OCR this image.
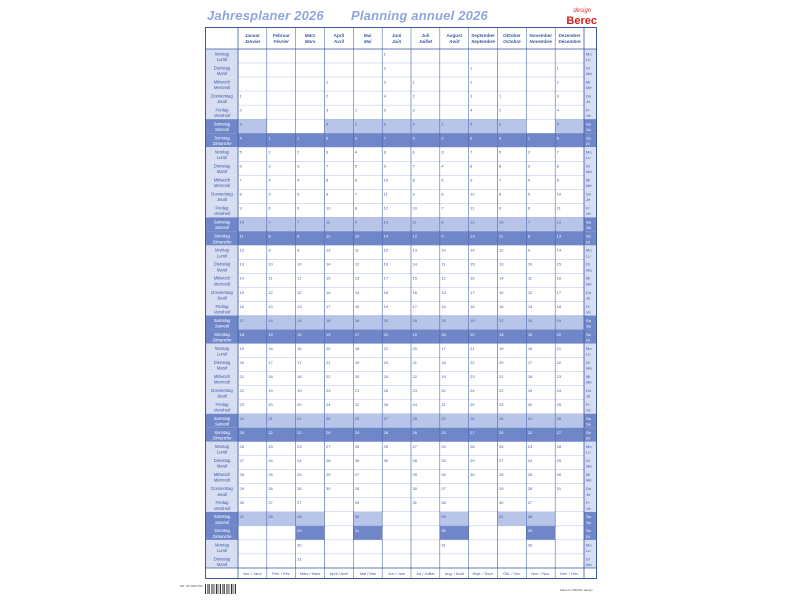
Jahresplaner 2026 Planning annuel 2026	design
Berec
Montag
Lundi
Mo
Lu
Dienstag
Mardi
Di
Ma
Mittwoch
Mercredi
Mi
Me
Donnerstag
Jeudi
Do
Je
Freitag
Vendredi
Fr
Ve
Samstag
Samedi
Sa
Sa
Sonntag
Dimanche
So
Di
Montag
Lundi
Mo
Lu
Dienstag
Mardi
Di
Ma
Mittwoch
Mercredi
Mi
Me
Donnerstag
Jeudi
Do
Je
Freitag
Vendredi
Fr
Ve
Samstag
Samedi
Sa
Sa
Sonntag
Dimanche
So
Di
Montag
Lundi
Mo
Lu
Dienstag
Mardi
Di
Ma
Mittwoch
Mercredi
Mi
Me
Donnerstag
Jeudi
Do
Je
Freitag
Vendredi
Fr
Ve
Samstag
Samedi
Sa
Sa
Sonntag
Dimanche
So
Di
Montag
Lundi
Mo
Lu
Dienstag
Mardi
Di
Ma
Mittwoch
Mercredi
Mi
Me
Donnerstag
Jeudi
Do
Je
Freitag
Vendredi
Fr
Ve
Samstag
Samedi
Sa
Sa
Sonntag
Dimanche
So
Di
Montag
Lundi
Mo
Lu
Dienstag
Mardi
Di
Ma
Mittwoch
Mercredi
Mi
Me
Donnerstag
Jeudi
Do
Je
Freitag
Vendredi
Fr
Ve
Samstag
Samedi
Sa
Sa
Sonntag
Dimanche
So
Di
Montag
Lundi
Mo
Lu
Dienstag
Mardi
Di
Ma
Januar
Janvier
Jan. / Janv.
1
2
3
4
5
6
7
8
9
10
11
12
13
14
15
16
17
18
19
20
21
22
23
24
25
26
27
28
29
30
31
Februar
Février
Feb. / Fév.
1
2
3
4
5
6
7
8
9
10
11
12
13
14
15
16
17
18
19
20
21
22
23
24
25
26
27
28
März
Mars
März / Mars
1
2
3
4
5
6
7
8
9
10
11
12
13
14
15
16
17
18
19
20
21
22
23
24
25
26
27
28
29
30
31
April
Avril
April / Avril
1
2
3
4
5
6
7
8
9
10
11
12
13
14
15
16
17
18
19
20
21
22
23
24
25
26
27
28
29
30
Mai
Mai
Mai / Mai
1
2
3
4
5
6
7
8
9
10
11
12
13
14
15
16
17
18
19
20
21
22
23
24
25
26
27
28
29
30
31
Juni
Juin
Jun / Juin
1
2
3
4
5
6
7
8
9
10
11
12
13
14
15
16
17
18
19
20
21
22
23
24
25
26
27
28
29
30
Juli
Juillet
Jul / Juillet
1
2
3
4
5
6
7
8
9
10
11
12
13
14
15
16
17
18
19
20
21
22
23
24
25
26
27
28
29
30
31
August
Août
Aug. / Août
1
2
3
4
5
6
7
8
9
10
11
12
13
14
15
16
17
18
19
20
21
22
23
24
25
26
27
28
29
30
31
September
Septembre
Sept. / Sept.
1
2
3
4
5
6
7
8
9
10
11
12
13
14
15
16
17
18
19
20
21
22
23
24
25
26
27
28
29
30
Oktober
Octobre
Okt. / Oct.
1
2
3
4
5
6
7
8
9
10
11
12
13
14
15
16
17
18
19
20
21
22
23
24
25
26
27
28
29
30
31
November
Novembre
Nov. / Nov.
1
2
3
4
5
6
7
8
9
10
11
12
13
14
15
16
17
18
19
20
21
22
23
24
25
26
27
28
29
30
Dezember
Décembre
Dez. / Déc.
1
2
3
4
5
6
7
8
9
10
11
12
13
14
15
16
17
18
19
20
21
22
23
24
25
26
27
28
29
30
31
NR. 00 0000 000
Made for BEREC design
